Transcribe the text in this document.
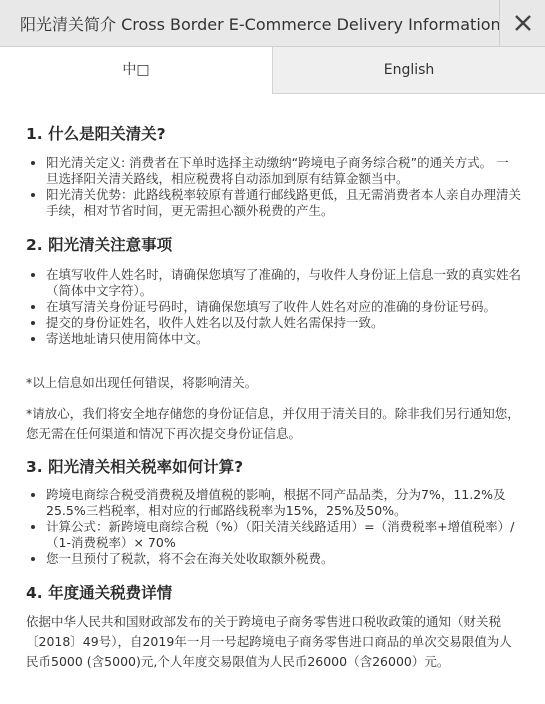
阳光清关简介 Cross Border E-Commerce Delivery Information
中□	English
1. 什么是阳关清关?
• 阳光清关定义: 消费者在下单时选择主动缴纳“跨境电子商务综合税”的通关方式。 一旦选择阳关清关路线，相应税费将自动添加到原有结算金额当中。
• 阳光清关优势：此路线税率较原有普通行邮线路更低，且无需消费者本人亲自办理清关手续，相对节省时间，更无需担心额外税费的产生。
2. 阳光清关注意事项
• 在填写收件人姓名时，请确保您填写了准确的，与收件人身份证上信息一致的真实姓名（简体中文字符）。
• 在填写清关身份证号码时，请确保您填写了收件人姓名对应的准确的身份证号码。
• 提交的身份证姓名，收件人姓名以及付款人姓名需保持一致。
• 寄送地址请只使用简体中文。

*以上信息如出现任何错误，将影响清关。

*请放心，我们将安全地存储您的身份证信息，并仅用于清关目的。除非我们另行通知您，您无需在任何渠道和情况下再次提交身份证信息。

3. 阳光清关相关税率如何计算?
• 跨境电商综合税受消费税及增值税的影响，根据不同产品品类，分为7%，11.2%及25.5%三档税率，相对应的行邮路线税率为15%，25%及50%。
• 计算公式：新跨境电商综合税（%）（阳关清关线路适用）=（消费税率+增值税率）/（1-消费税率）× 70%
• 您一旦预付了税款，将不会在海关处收取额外税费。
4. 年度通关税费详情

依据中华人民共和国财政部发布的关于跨境电子商务零售进口税收政策的通知（财关税〔2018〕49号），自2019年一月一号起跨境电子商务零售进口商品的单次交易限值为人民币5000 (含5000)元,个人年度交易限值为人民币26000（含26000）元。
